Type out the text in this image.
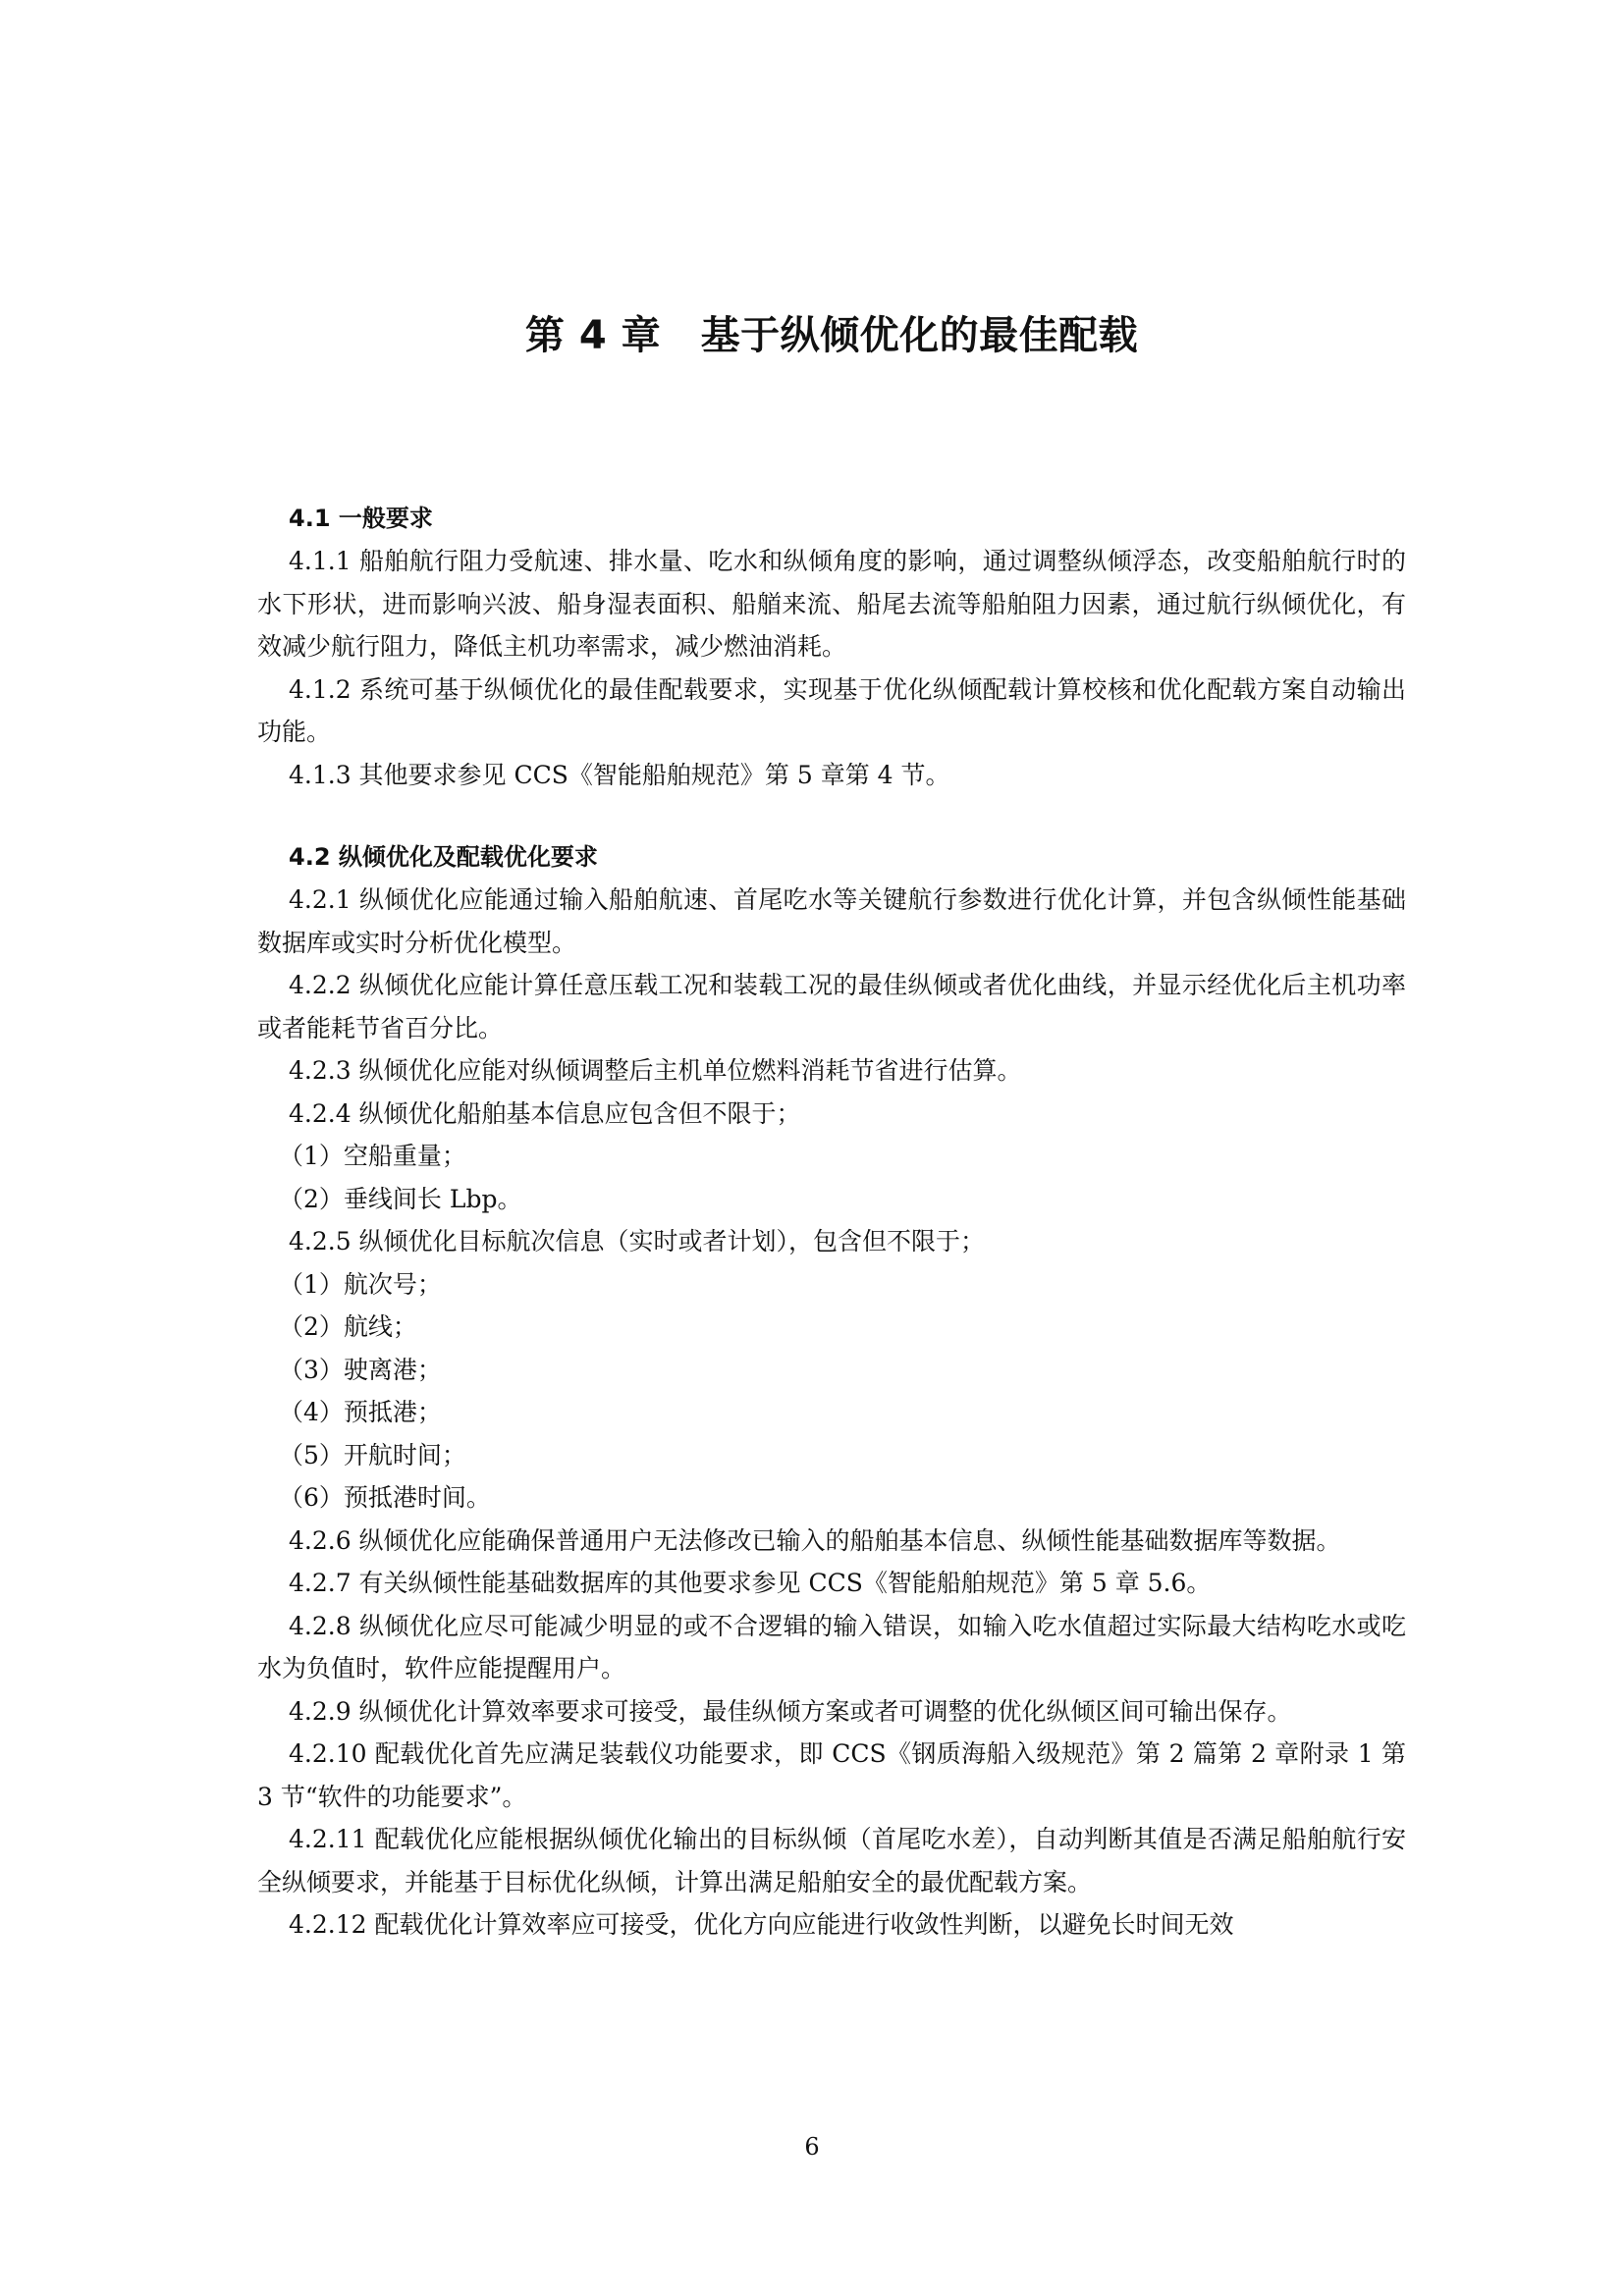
第 4 章　基于纵倾优化的最佳配载
4.1 一般要求

4.1.1 船舶航行阻力受航速、排水量、吃水和纵倾角度的影响，通过调整纵倾浮态，改变船舶航行时的水下形状，进而影响兴波、船身湿表面积、船艏来流、船尾去流等船舶阻力因素，通过航行纵倾优化，有效减少航行阻力，降低主机功率需求，减少燃油消耗。

4.1.2 系统可基于纵倾优化的最佳配载要求，实现基于优化纵倾配载计算校核和优化配载方案自动输出功能。

4.1.3 其他要求参见 CCS《智能船舶规范》第 5 章第 4 节。

4.2 纵倾优化及配载优化要求

4.2.1 纵倾优化应能通过输入船舶航速、首尾吃水等关键航行参数进行优化计算，并包含纵倾性能基础数据库或实时分析优化模型。

4.2.2 纵倾优化应能计算任意压载工况和装载工况的最佳纵倾或者优化曲线，并显示经优化后主机功率或者能耗节省百分比。

4.2.3 纵倾优化应能对纵倾调整后主机单位燃料消耗节省进行估算。

4.2.4 纵倾优化船舶基本信息应包含但不限于；

（1）空船重量；

（2）垂线间长 Lbp。

4.2.5 纵倾优化目标航次信息（实时或者计划），包含但不限于；

（1）航次号；

（2）航线；

（3）驶离港；

（4）预抵港；

（5）开航时间；

（6）预抵港时间。

4.2.6 纵倾优化应能确保普通用户无法修改已输入的船舶基本信息、纵倾性能基础数据库等数据。

4.2.7 有关纵倾性能基础数据库的其他要求参见 CCS《智能船舶规范》第 5 章 5.6。

4.2.8 纵倾优化应尽可能减少明显的或不合逻辑的输入错误，如输入吃水值超过实际最大结构吃水或吃水为负值时，软件应能提醒用户。

4.2.9 纵倾优化计算效率要求可接受，最佳纵倾方案或者可调整的优化纵倾区间可输出保存。

4.2.10 配载优化首先应满足装载仪功能要求，即 CCS《钢质海船入级规范》第 2 篇第 2 章附录 1 第 3 节“软件的功能要求”。

4.2.11 配载优化应能根据纵倾优化输出的目标纵倾（首尾吃水差），自动判断其值是否满足船舶航行安全纵倾要求，并能基于目标优化纵倾，计算出满足船舶安全的最优配载方案。

4.2.12 配载优化计算效率应可接受，优化方向应能进行收敛性判断，以避免长时间无效

6
